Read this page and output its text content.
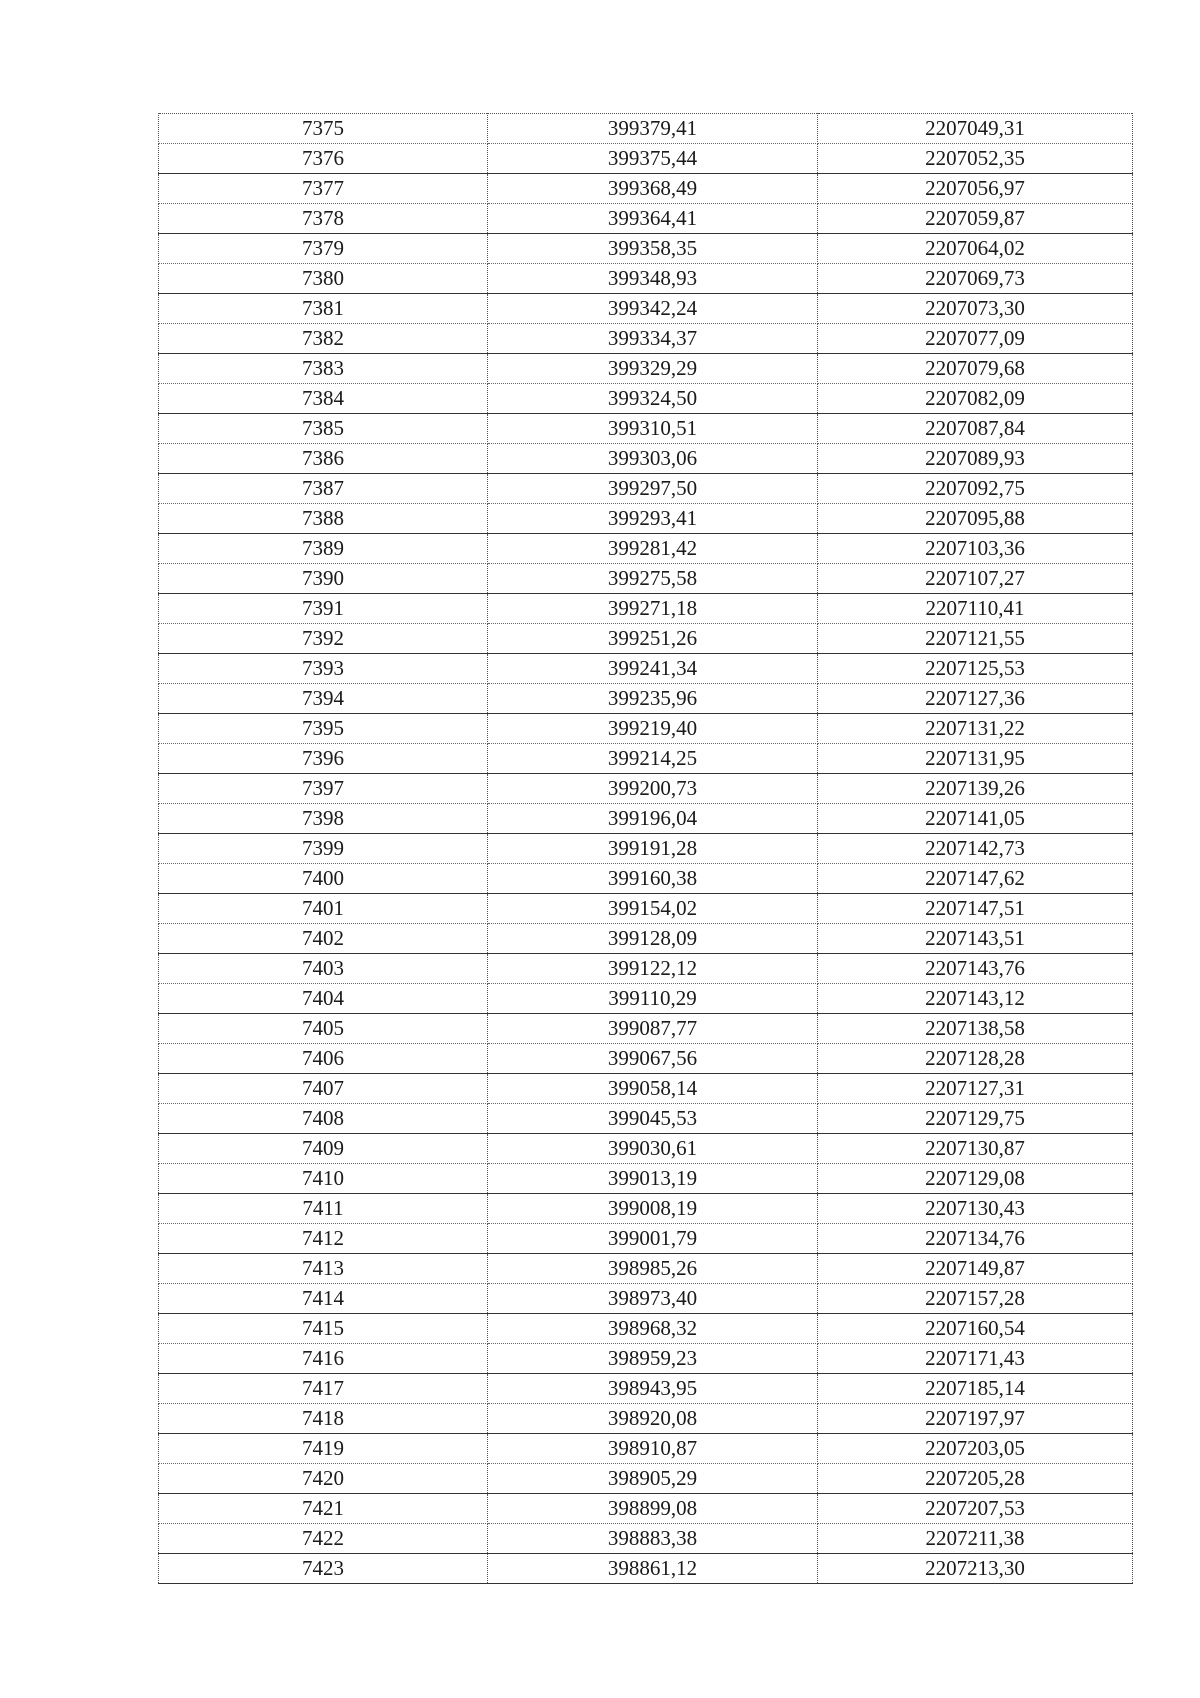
7375	399379,41	2207049,31
7376	399375,44	2207052,35
7377	399368,49	2207056,97
7378	399364,41	2207059,87
7379	399358,35	2207064,02
7380	399348,93	2207069,73
7381	399342,24	2207073,30
7382	399334,37	2207077,09
7383	399329,29	2207079,68
7384	399324,50	2207082,09
7385	399310,51	2207087,84
7386	399303,06	2207089,93
7387	399297,50	2207092,75
7388	399293,41	2207095,88
7389	399281,42	2207103,36
7390	399275,58	2207107,27
7391	399271,18	2207110,41
7392	399251,26	2207121,55
7393	399241,34	2207125,53
7394	399235,96	2207127,36
7395	399219,40	2207131,22
7396	399214,25	2207131,95
7397	399200,73	2207139,26
7398	399196,04	2207141,05
7399	399191,28	2207142,73
7400	399160,38	2207147,62
7401	399154,02	2207147,51
7402	399128,09	2207143,51
7403	399122,12	2207143,76
7404	399110,29	2207143,12
7405	399087,77	2207138,58
7406	399067,56	2207128,28
7407	399058,14	2207127,31
7408	399045,53	2207129,75
7409	399030,61	2207130,87
7410	399013,19	2207129,08
7411	399008,19	2207130,43
7412	399001,79	2207134,76
7413	398985,26	2207149,87
7414	398973,40	2207157,28
7415	398968,32	2207160,54
7416	398959,23	2207171,43
7417	398943,95	2207185,14
7418	398920,08	2207197,97
7419	398910,87	2207203,05
7420	398905,29	2207205,28
7421	398899,08	2207207,53
7422	398883,38	2207211,38
7423	398861,12	2207213,30
